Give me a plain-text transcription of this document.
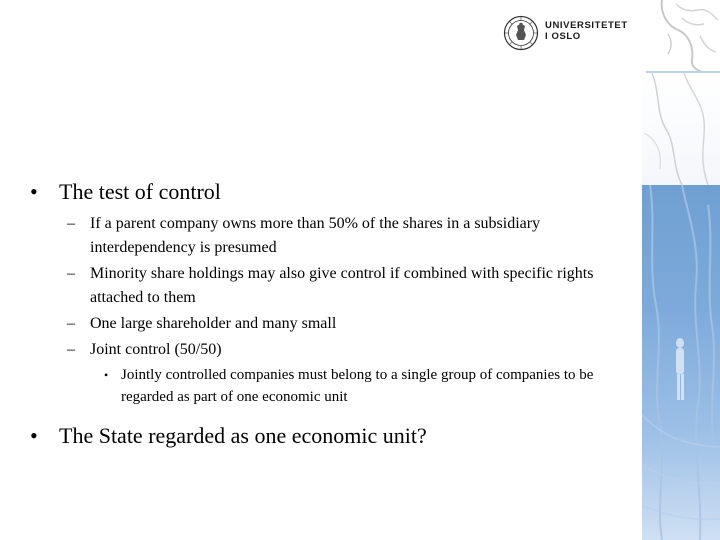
UNIVERSITETET
I OSLO
• The test of control
– If a parent company owns more than 50% of the shares in a subsidiary interdependency is presumed
– Minority share holdings may also give control if combined with specific rights attached to them
– One large shareholder and many small
– Joint control (50/50)
• Jointly controlled companies must belong to a single group of companies to be regarded as part of one economic unit
• The State regarded as one economic unit?
